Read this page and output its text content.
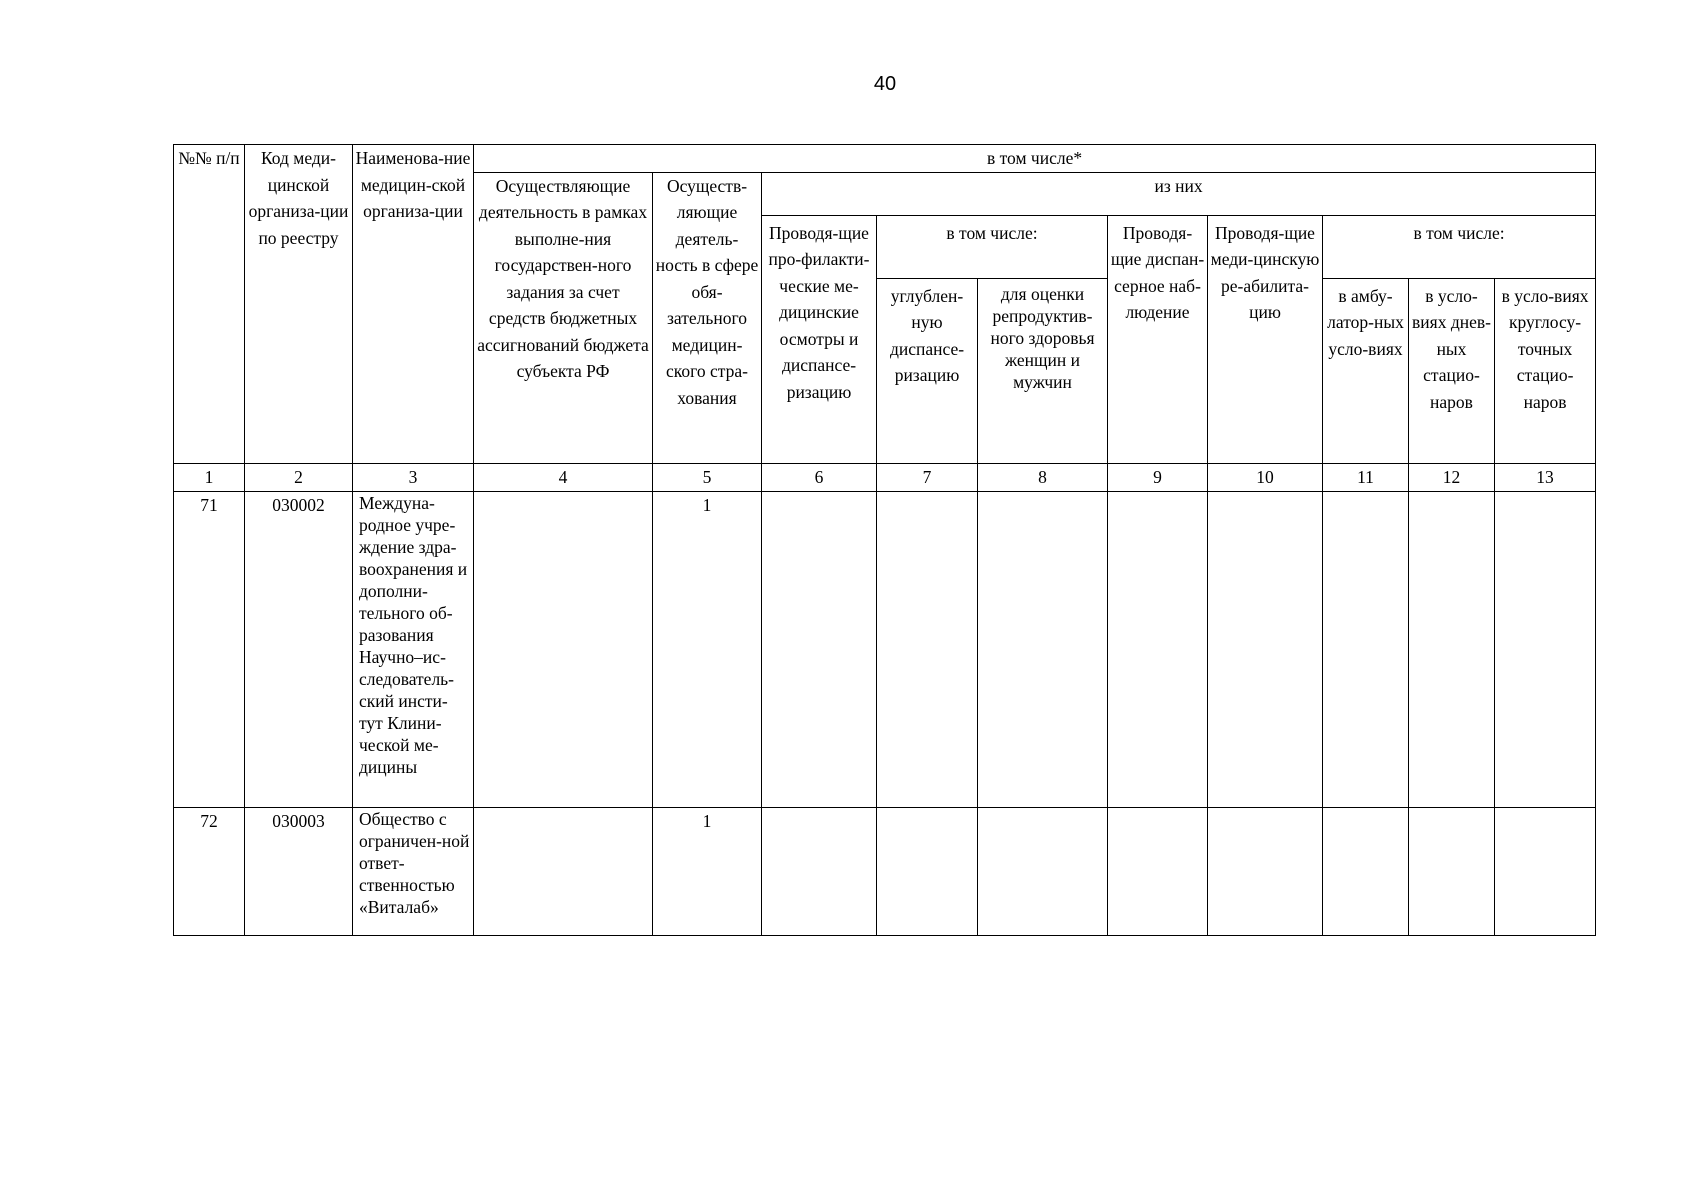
40
№№ п/п	Код меди-цинской организа-ции по реестру	Наименова-ние медицин-ской организа-ции	в том числе*									
			Осуществляющие деятельность в рамках выполне-ния государствен-ного задания за счет средств бюджетных ассигнований бюджета субъекта РФ	Осуществ-ляющие деятель-ность в сфере обя-зательного медицин-ского стра-хования	из них							
					Проводя-щие про-филакти-ческие ме-дицинские осмотры и диспансе-ризацию	в том числе:		Проводя-щие диспан-серное наб-людение	Проводя-щие меди-цинскую ре-абилита-цию	в том числе:		
						углублен-ную диспансе-ризацию	для оценки репродуктив-ного здоровья женщин и мужчин			в амбу-латор-ных усло-виях	в усло-виях днев-ных стацио-наров	в усло-виях круглосу-точных стацио-наров
1	2	3	4	5	6	7	8	9	10	11	12	13
71	030002	Междуна-родное учре-ждение здра-воохранения и дополни-тельного об-разования Научно–ис-следователь-ский инсти-тут Клини-ческой ме-дицины		1								
72	030003	Общество с ограничен-ной ответ-ственностью «Виталаб»		1								
